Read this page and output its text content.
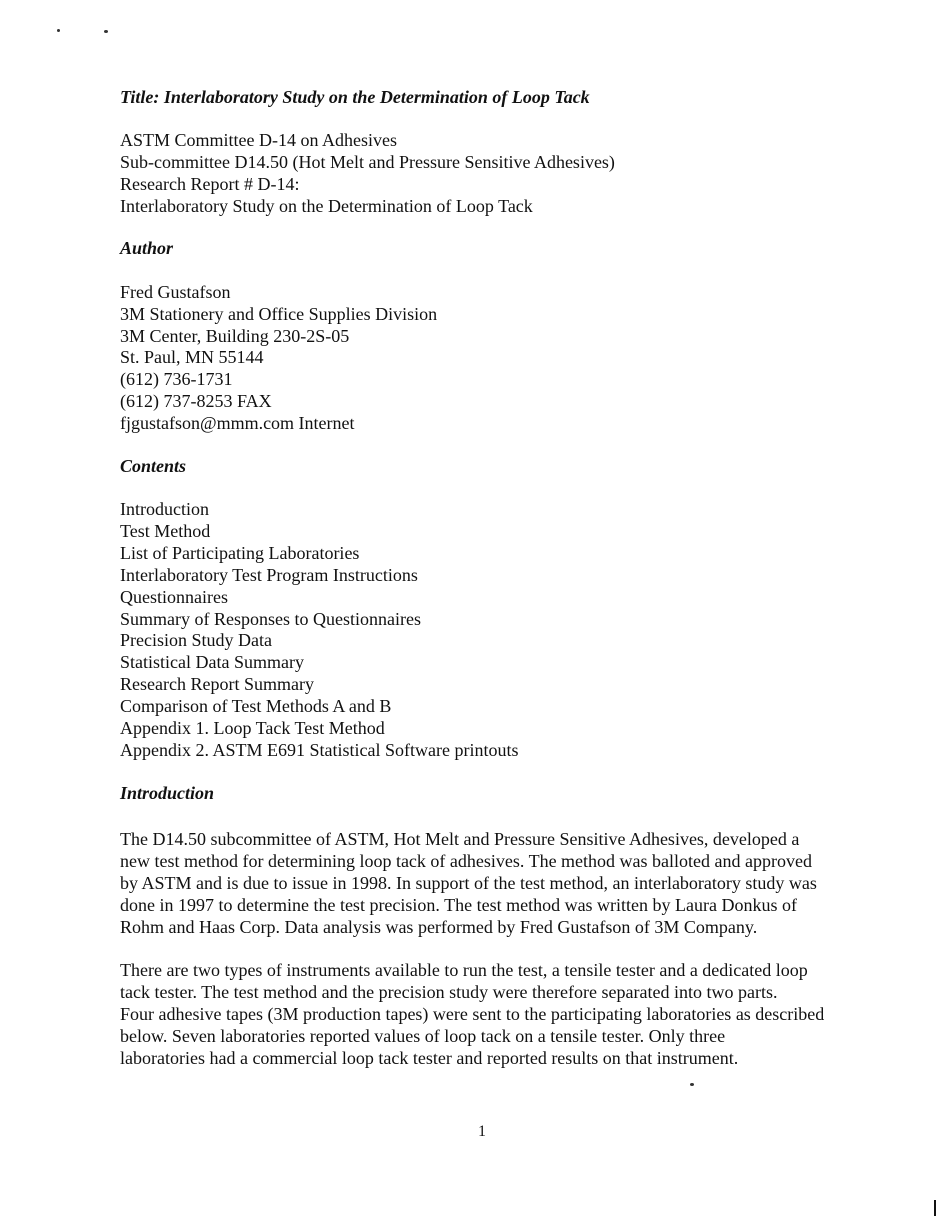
Title: Interlaboratory Study on the Determination of Loop Tack
ASTM Committee D-14 on Adhesives
Sub-committee D14.50 (Hot Melt and Pressure Sensitive Adhesives)
Research Report # D-14:
Interlaboratory Study on the Determination of Loop Tack
Author
Fred Gustafson
3M Stationery and Office Supplies Division
3M Center, Building 230-2S-05
St. Paul, MN 55144
(612) 736-1731
(612) 737-8253 FAX
fjgustafson@mmm.com Internet
Contents
Introduction
Test Method
List of Participating Laboratories
Interlaboratory Test Program Instructions
Questionnaires
Summary of Responses to Questionnaires
Precision Study Data
Statistical Data Summary
Research Report Summary
Comparison of Test Methods A and B
Appendix 1. Loop Tack Test Method
Appendix 2. ASTM E691 Statistical Software printouts
Introduction
The D14.50 subcommittee of ASTM, Hot Melt and Pressure Sensitive Adhesives, developed a
new test method for determining loop tack of adhesives. The method was balloted and approved
by ASTM and is due to issue in 1998. In support of the test method, an interlaboratory study was
done in 1997 to determine the test precision. The test method was written by Laura Donkus of
Rohm and Haas Corp. Data analysis was performed by Fred Gustafson of 3M Company.
There are two types of instruments available to run the test, a tensile tester and a dedicated loop
tack tester. The test method and the precision study were therefore separated into two parts.
Four adhesive tapes (3M production tapes) were sent to the participating laboratories as described
below. Seven laboratories reported values of loop tack on a tensile tester. Only three
laboratories had a commercial loop tack tester and reported results on that instrument.
1
